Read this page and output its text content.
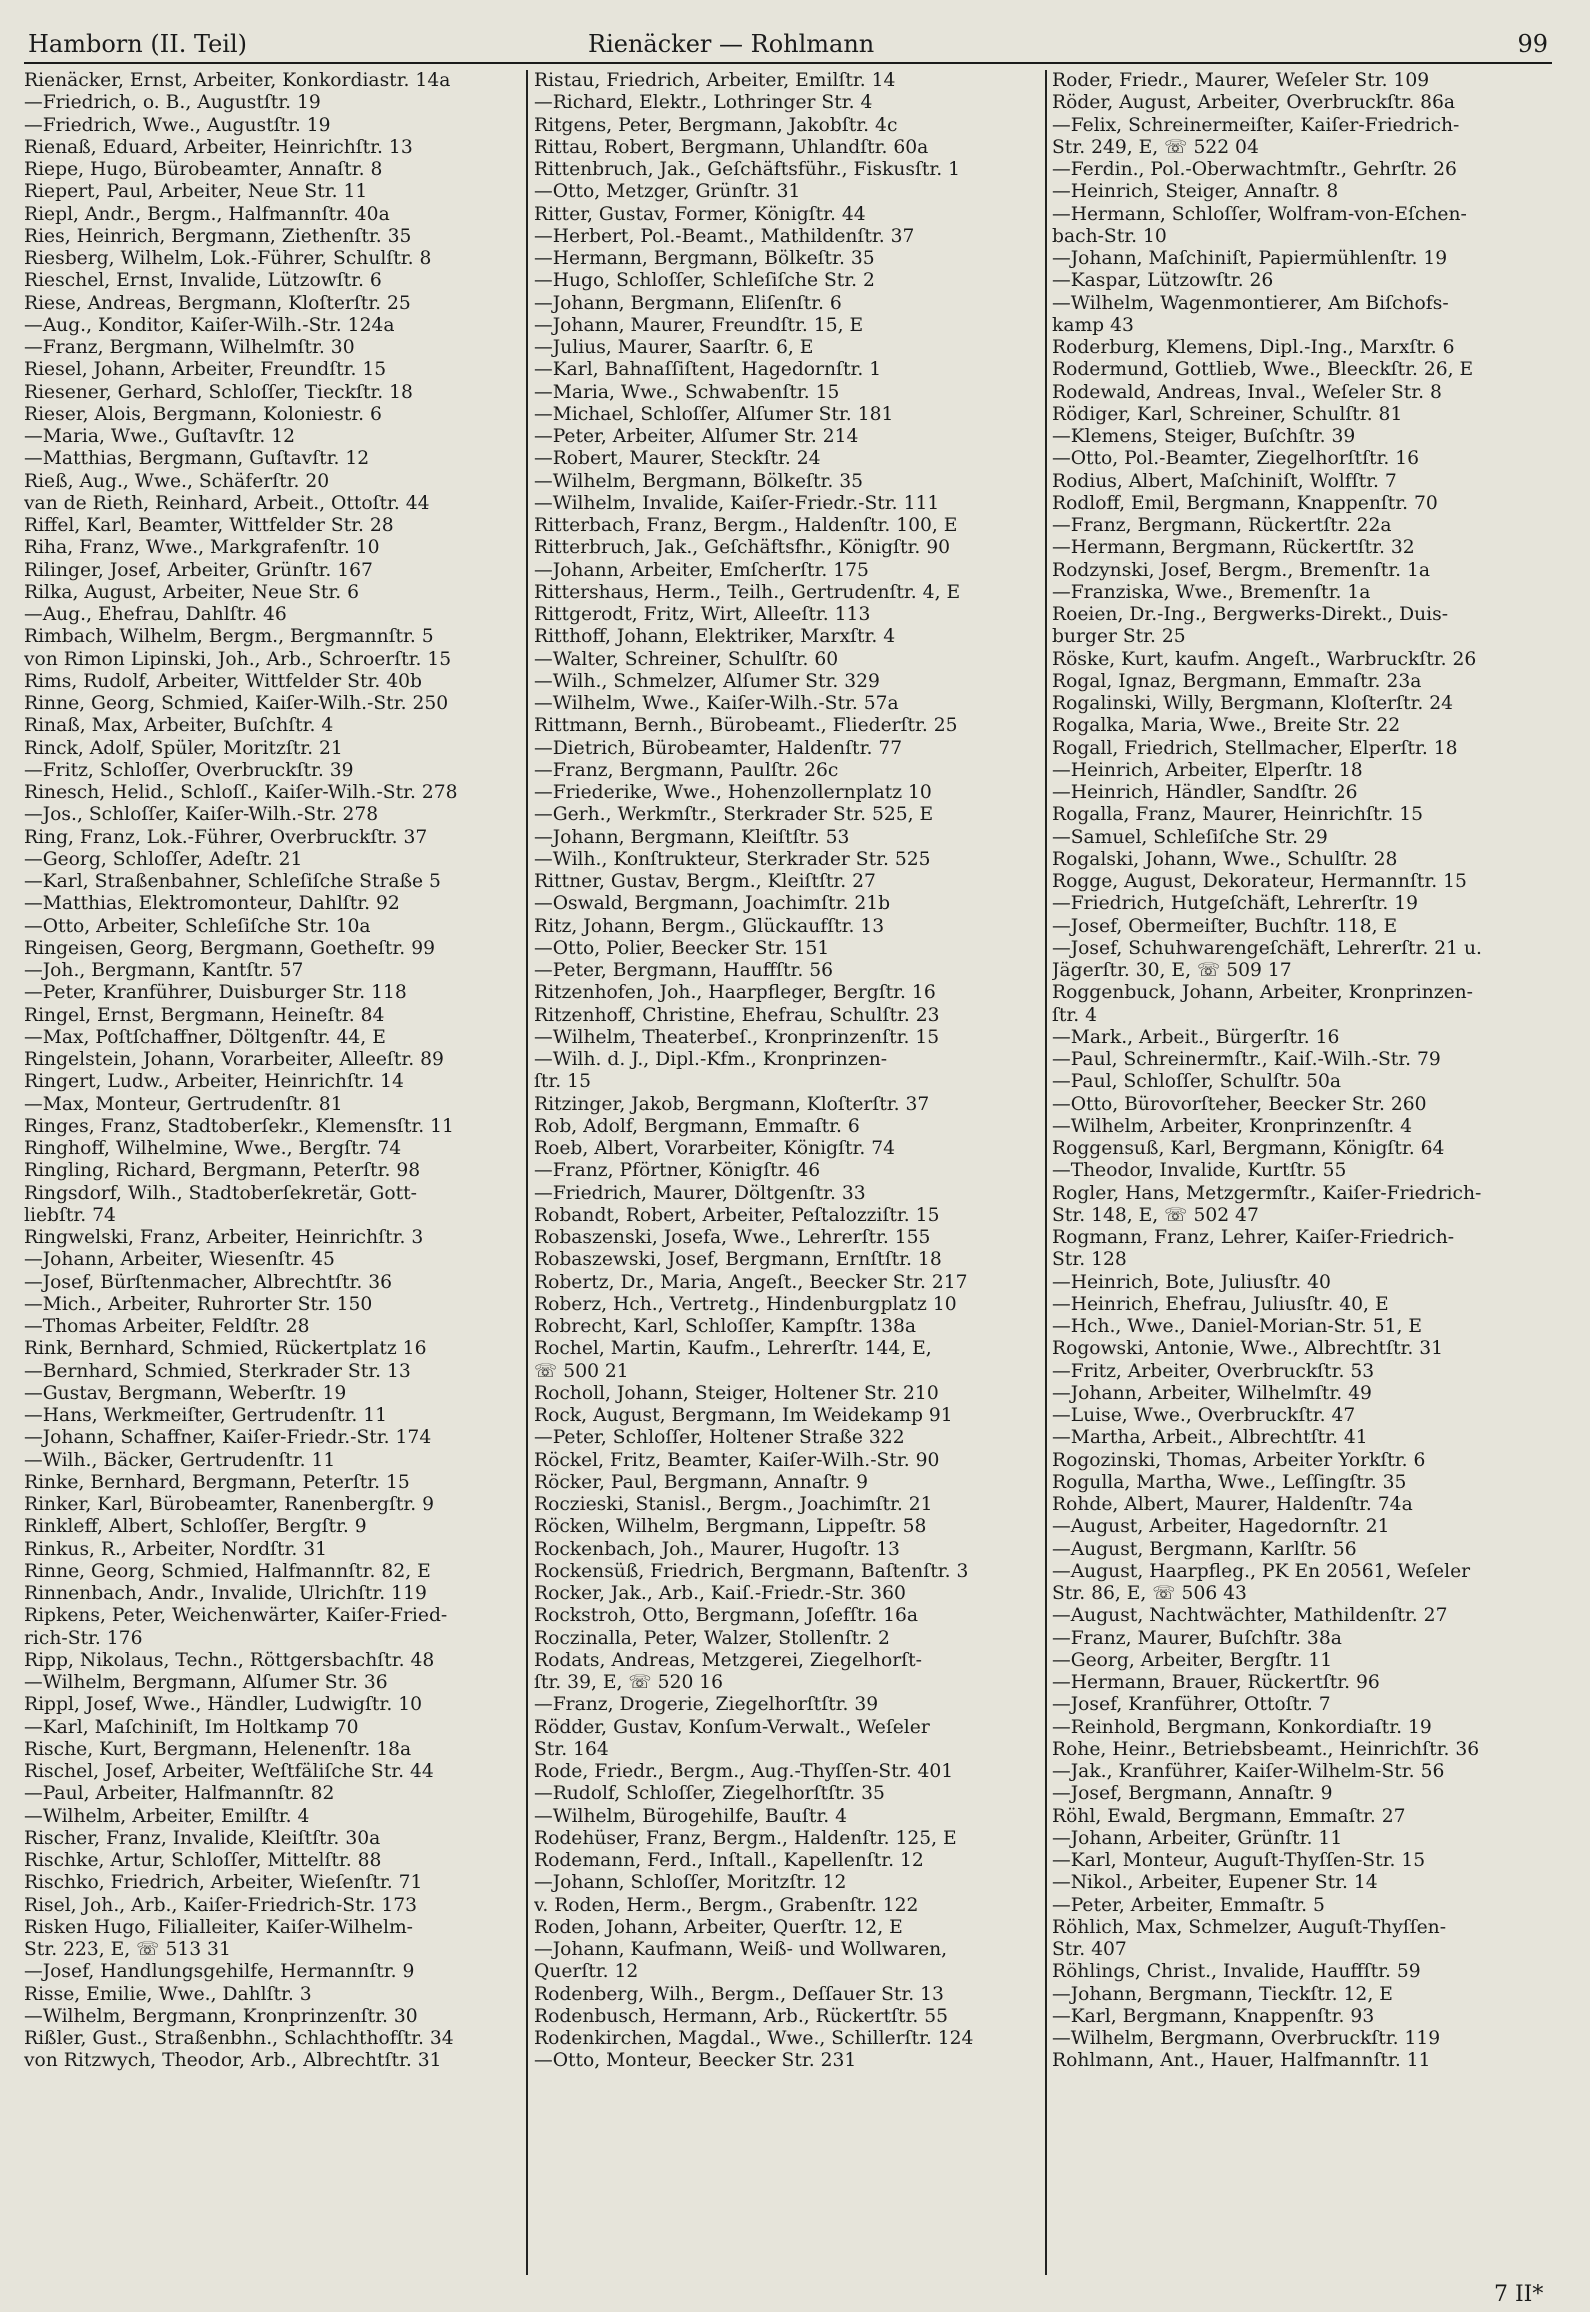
Hamborn (II. Teil)	Rienäcker — Rohlmann	99
Rienäcker, Ernst, Arbeiter, Konkordiastr. 14a
—Friedrich, o. B., Augustſtr. 19
—Friedrich, Wwe., Augustſtr. 19
Rienaß, Eduard, Arbeiter, Heinrichſtr. 13
Riepe, Hugo, Bürobeamter, Annaſtr. 8
Riepert, Paul, Arbeiter, Neue Str. 11
Riepl, Andr., Bergm., Halfmannſtr. 40a
Ries, Heinrich, Bergmann, Ziethenſtr. 35
Riesberg, Wilhelm, Lok.-Führer, Schulſtr. 8
Rieschel, Ernst, Invalide, Lützowſtr. 6
Riese, Andreas, Bergmann, Kloſterſtr. 25
—Aug., Konditor, Kaiſer-Wilh.-Str. 124a
—Franz, Bergmann, Wilhelmſtr. 30
Riesel, Johann, Arbeiter, Freundſtr. 15
Riesener, Gerhard, Schloſſer, Tieckſtr. 18
Rieser, Alois, Bergmann, Koloniestr. 6
—Maria, Wwe., Guſtavſtr. 12
—Matthias, Bergmann, Guſtavſtr. 12
Rieß, Aug., Wwe., Schäferſtr. 20
van de Rieth, Reinhard, Arbeit., Ottoſtr. 44
Riffel, Karl, Beamter, Wittfelder Str. 28
Riha, Franz, Wwe., Markgrafenſtr. 10
Rilinger, Josef, Arbeiter, Grünſtr. 167
Rilka, August, Arbeiter, Neue Str. 6
—Aug., Ehefrau, Dahlſtr. 46
Rimbach, Wilhelm, Bergm., Bergmannſtr. 5
von Rimon Lipinski, Joh., Arb., Schroerſtr. 15
Rims, Rudolf, Arbeiter, Wittfelder Str. 40b
Rinne, Georg, Schmied, Kaiſer-Wilh.-Str. 250
Rinaß, Max, Arbeiter, Buſchſtr. 4
Rinck, Adolf, Spüler, Moritzſtr. 21
—Fritz, Schloſſer, Overbruckſtr. 39
Rinesch, Helid., Schloſſ., Kaiſer-Wilh.-Str. 278
—Jos., Schloſſer, Kaiſer-Wilh.-Str. 278
Ring, Franz, Lok.-Führer, Overbruckſtr. 37
—Georg, Schloſſer, Adeſtr. 21
—Karl, Straßenbahner, Schleſiſche Straße 5
—Matthias, Elektromonteur, Dahlſtr. 92
—Otto, Arbeiter, Schleſiſche Str. 10a
Ringeisen, Georg, Bergmann, Goetheſtr. 99
—Joh., Bergmann, Kantſtr. 57
—Peter, Kranführer, Duisburger Str. 118
Ringel, Ernst, Bergmann, Heineſtr. 84
—Max, Poſtſchaffner, Döltgenſtr. 44, E
Ringelstein, Johann, Vorarbeiter, Alleeſtr. 89
Ringert, Ludw., Arbeiter, Heinrichſtr. 14
—Max, Monteur, Gertrudenſtr. 81
Ringes, Franz, Stadtoberſekr., Klemensſtr. 11
Ringhoff, Wilhelmine, Wwe., Bergſtr. 74
Ringling, Richard, Bergmann, Peterſtr. 98
Ringsdorf, Wilh., Stadtoberſekretär, Gott-
liebſtr. 74
Ringwelski, Franz, Arbeiter, Heinrichſtr. 3
—Johann, Arbeiter, Wiesenſtr. 45
—Josef, Bürſtenmacher, Albrechtſtr. 36
—Mich., Arbeiter, Ruhrorter Str. 150
—Thomas Arbeiter, Feldſtr. 28
Rink, Bernhard, Schmied, Rückertplatz 16
—Bernhard, Schmied, Sterkrader Str. 13
—Gustav, Bergmann, Weberſtr. 19
—Hans, Werkmeiſter, Gertrudenſtr. 11
—Johann, Schaffner, Kaiſer-Friedr.-Str. 174
—Wilh., Bäcker, Gertrudenſtr. 11
Rinke, Bernhard, Bergmann, Peterſtr. 15
Rinker, Karl, Bürobeamter, Ranenbergſtr. 9
Rinkleff, Albert, Schloſſer, Bergſtr. 9
Rinkus, R., Arbeiter, Nordſtr. 31
Rinne, Georg, Schmied, Halfmannſtr. 82, E
Rinnenbach, Andr., Invalide, Ulrichſtr. 119
Ripkens, Peter, Weichenwärter, Kaiſer-Fried-
rich-Str. 176
Ripp, Nikolaus, Techn., Röttgersbachſtr. 48
—Wilhelm, Bergmann, Alſumer Str. 36
Rippl, Josef, Wwe., Händler, Ludwigſtr. 10
—Karl, Maſchiniſt, Im Holtkamp 70
Rische, Kurt, Bergmann, Helenenſtr. 18a
Rischel, Josef, Arbeiter, Weſtfäliſche Str. 44
—Paul, Arbeiter, Halfmannſtr. 82
—Wilhelm, Arbeiter, Emilſtr. 4
Rischer, Franz, Invalide, Kleiſtſtr. 30a
Rischke, Artur, Schloſſer, Mittelſtr. 88
Rischko, Friedrich, Arbeiter, Wieſenſtr. 71
Risel, Joh., Arb., Kaiſer-Friedrich-Str. 173
Risken Hugo, Filialleiter, Kaiſer-Wilhelm-
Str. 223, E, ☏ 513 31
—Josef, Handlungsgehilfe, Hermannſtr. 9
Risse, Emilie, Wwe., Dahlſtr. 3
—Wilhelm, Bergmann, Kronprinzenſtr. 30
Rißler, Gust., Straßenbhn., Schlachthofſtr. 34
von Ritzwych, Theodor, Arb., Albrechtſtr. 31
Ristau, Friedrich, Arbeiter, Emilſtr. 14
—Richard, Elektr., Lothringer Str. 4
Ritgens, Peter, Bergmann, Jakobſtr. 4c
Rittau, Robert, Bergmann, Uhlandſtr. 60a
Rittenbruch, Jak., Geſchäftsführ., Fiskusſtr. 1
—Otto, Metzger, Grünſtr. 31
Ritter, Gustav, Former, Königſtr. 44
—Herbert, Pol.-Beamt., Mathildenſtr. 37
—Hermann, Bergmann, Bölkeſtr. 35
—Hugo, Schloſſer, Schleſiſche Str. 2
—Johann, Bergmann, Eliſenſtr. 6
—Johann, Maurer, Freundſtr. 15, E
—Julius, Maurer, Saarſtr. 6, E
—Karl, Bahnaſſiſtent, Hagedornſtr. 1
—Maria, Wwe., Schwabenſtr. 15
—Michael, Schloſſer, Alſumer Str. 181
—Peter, Arbeiter, Alſumer Str. 214
—Robert, Maurer, Steckſtr. 24
—Wilhelm, Bergmann, Bölkeſtr. 35
—Wilhelm, Invalide, Kaiſer-Friedr.-Str. 111
Ritterbach, Franz, Bergm., Haldenſtr. 100, E
Ritterbruch, Jak., Geſchäftsfhr., Königſtr. 90
—Johann, Arbeiter, Emſcherſtr. 175
Rittershaus, Herm., Teilh., Gertrudenſtr. 4, E
Rittgerodt, Fritz, Wirt, Alleeſtr. 113
Ritthoff, Johann, Elektriker, Marxſtr. 4
—Walter, Schreiner, Schulſtr. 60
—Wilh., Schmelzer, Alſumer Str. 329
—Wilhelm, Wwe., Kaiſer-Wilh.-Str. 57a
Rittmann, Bernh., Bürobeamt., Fliederſtr. 25
—Dietrich, Bürobeamter, Haldenſtr. 77
—Franz, Bergmann, Paulſtr. 26c
—Friederike, Wwe., Hohenzollernplatz 10
—Gerh., Werkmſtr., Sterkrader Str. 525, E
—Johann, Bergmann, Kleiſtſtr. 53
—Wilh., Konſtrukteur, Sterkrader Str. 525
Rittner, Gustav, Bergm., Kleiſtſtr. 27
—Oswald, Bergmann, Joachimſtr. 21b
Ritz, Johann, Bergm., Glückaufſtr. 13
—Otto, Polier, Beecker Str. 151
—Peter, Bergmann, Hauffſtr. 56
Ritzenhofen, Joh., Haarpfleger, Bergſtr. 16
Ritzenhoff, Christine, Ehefrau, Schulſtr. 23
—Wilhelm, Theaterbeſ., Kronprinzenſtr. 15
—Wilh. d. J., Dipl.-Kfm., Kronprinzen-
ſtr. 15
Ritzinger, Jakob, Bergmann, Kloſterſtr. 37
Rob, Adolf, Bergmann, Emmaſtr. 6
Roeb, Albert, Vorarbeiter, Königſtr. 74
—Franz, Pförtner, Königſtr. 46
—Friedrich, Maurer, Döltgenſtr. 33
Robandt, Robert, Arbeiter, Peſtalozziſtr. 15
Robaszenski, Josefa, Wwe., Lehrerſtr. 155
Robaszewski, Josef, Bergmann, Ernſtſtr. 18
Robertz, Dr., Maria, Angeſt., Beecker Str. 217
Roberz, Hch., Vertretg., Hindenburgplatz 10
Robrecht, Karl, Schloſſer, Kampſtr. 138a
Rochel, Martin, Kaufm., Lehrerſtr. 144, E,
☏ 500 21
Rocholl, Johann, Steiger, Holtener Str. 210
Rock, August, Bergmann, Im Weidekamp 91
—Peter, Schloſſer, Holtener Straße 322
Röckel, Fritz, Beamter, Kaiſer-Wilh.-Str. 90
Röcker, Paul, Bergmann, Annaſtr. 9
Roczieski, Stanisl., Bergm., Joachimſtr. 21
Röcken, Wilhelm, Bergmann, Lippeſtr. 58
Rockenbach, Joh., Maurer, Hugoſtr. 13
Rockensüß, Friedrich, Bergmann, Baſtenſtr. 3
Rocker, Jak., Arb., Kaiſ.-Friedr.-Str. 360
Rockstroh, Otto, Bergmann, Joſefſtr. 16a
Roczinalla, Peter, Walzer, Stollenſtr. 2
Rodats, Andreas, Metzgerei, Ziegelhorſt-
ſtr. 39, E, ☏ 520 16
—Franz, Drogerie, Ziegelhorſtſtr. 39
Rödder, Gustav, Konſum-Verwalt., Weſeler
Str. 164
Rode, Friedr., Bergm., Aug.-Thyſſen-Str. 401
—Rudolf, Schloſſer, Ziegelhorſtſtr. 35
—Wilhelm, Bürogehilfe, Bauſtr. 4
Rodehüser, Franz, Bergm., Haldenſtr. 125, E
Rodemann, Ferd., Inſtall., Kapellenſtr. 12
—Johann, Schloſſer, Moritzſtr. 12
v. Roden, Herm., Bergm., Grabenſtr. 122
Roden, Johann, Arbeiter, Querſtr. 12, E
—Johann, Kaufmann, Weiß- und Wollwaren,
Querſtr. 12
Rodenberg, Wilh., Bergm., Deſſauer Str. 13
Rodenbusch, Hermann, Arb., Rückertſtr. 55
Rodenkirchen, Magdal., Wwe., Schillerſtr. 124
—Otto, Monteur, Beecker Str. 231
Roder, Friedr., Maurer, Weſeler Str. 109
Röder, August, Arbeiter, Overbruckſtr. 86a
—Felix, Schreinermeiſter, Kaiſer-Friedrich-
Str. 249, E, ☏ 522 04
—Ferdin., Pol.-Oberwachtmſtr., Gehrſtr. 26
—Heinrich, Steiger, Annaſtr. 8
—Hermann, Schloſſer, Wolfram-von-Eſchen-
bach-Str. 10
—Johann, Maſchiniſt, Papiermühlenſtr. 19
—Kaspar, Lützowſtr. 26
—Wilhelm, Wagenmontierer, Am Biſchofs-
kamp 43
Roderburg, Klemens, Dipl.-Ing., Marxſtr. 6
Rodermund, Gottlieb, Wwe., Bleeckſtr. 26, E
Rodewald, Andreas, Inval., Weſeler Str. 8
Rödiger, Karl, Schreiner, Schulſtr. 81
—Klemens, Steiger, Buſchſtr. 39
—Otto, Pol.-Beamter, Ziegelhorſtſtr. 16
Rodius, Albert, Maſchiniſt, Wolfſtr. 7
Rodloff, Emil, Bergmann, Knappenſtr. 70
—Franz, Bergmann, Rückertſtr. 22a
—Hermann, Bergmann, Rückertſtr. 32
Rodzynski, Josef, Bergm., Bremenſtr. 1a
—Franziska, Wwe., Bremenſtr. 1a
Roeien, Dr.-Ing., Bergwerks-Direkt., Duis-
burger Str. 25
Röske, Kurt, kaufm. Angeſt., Warbruckſtr. 26
Rogal, Ignaz, Bergmann, Emmaſtr. 23a
Rogalinski, Willy, Bergmann, Kloſterſtr. 24
Rogalka, Maria, Wwe., Breite Str. 22
Rogall, Friedrich, Stellmacher, Elperſtr. 18
—Heinrich, Arbeiter, Elperſtr. 18
—Heinrich, Händler, Sandſtr. 26
Rogalla, Franz, Maurer, Heinrichſtr. 15
—Samuel, Schleſiſche Str. 29
Rogalski, Johann, Wwe., Schulſtr. 28
Rogge, August, Dekorateur, Hermannſtr. 15
—Friedrich, Hutgeſchäft, Lehrerſtr. 19
—Josef, Obermeiſter, Buchſtr. 118, E
—Josef, Schuhwarengeſchäft, Lehrerſtr. 21 u.
Jägerſtr. 30, E, ☏ 509 17
Roggenbuck, Johann, Arbeiter, Kronprinzen-
ſtr. 4
—Mark., Arbeit., Bürgerſtr. 16
—Paul, Schreinermſtr., Kaiſ.-Wilh.-Str. 79
—Paul, Schloſſer, Schulſtr. 50a
—Otto, Bürovorſteher, Beecker Str. 260
—Wilhelm, Arbeiter, Kronprinzenſtr. 4
Roggensuß, Karl, Bergmann, Königſtr. 64
—Theodor, Invalide, Kurtſtr. 55
Rogler, Hans, Metzgermſtr., Kaiſer-Friedrich-
Str. 148, E, ☏ 502 47
Rogmann, Franz, Lehrer, Kaiſer-Friedrich-
Str. 128
—Heinrich, Bote, Juliusſtr. 40
—Heinrich, Ehefrau, Juliusſtr. 40, E
—Hch., Wwe., Daniel-Morian-Str. 51, E
Rogowski, Antonie, Wwe., Albrechtſtr. 31
—Fritz, Arbeiter, Overbruckſtr. 53
—Johann, Arbeiter, Wilhelmſtr. 49
—Luise, Wwe., Overbruckſtr. 47
—Martha, Arbeit., Albrechtſtr. 41
Rogozinski, Thomas, Arbeiter Yorkſtr. 6
Rogulla, Martha, Wwe., Leſſingſtr. 35
Rohde, Albert, Maurer, Haldenſtr. 74a
—August, Arbeiter, Hagedornſtr. 21
—August, Bergmann, Karlſtr. 56
—August, Haarpfleg., PK En 20561, Weſeler
Str. 86, E, ☏ 506 43
—August, Nachtwächter, Mathildenſtr. 27
—Franz, Maurer, Buſchſtr. 38a
—Georg, Arbeiter, Bergſtr. 11
—Hermann, Brauer, Rückertſtr. 96
—Josef, Kranführer, Ottoſtr. 7
—Reinhold, Bergmann, Konkordiaſtr. 19
Rohe, Heinr., Betriebsbeamt., Heinrichſtr. 36
—Jak., Kranführer, Kaiſer-Wilhelm-Str. 56
—Josef, Bergmann, Annaſtr. 9
Röhl, Ewald, Bergmann, Emmaſtr. 27
—Johann, Arbeiter, Grünſtr. 11
—Karl, Monteur, Auguſt-Thyſſen-Str. 15
—Nikol., Arbeiter, Eupener Str. 14
—Peter, Arbeiter, Emmaſtr. 5
Röhlich, Max, Schmelzer, Auguſt-Thyſſen-
Str. 407
Röhlings, Christ., Invalide, Hauffſtr. 59
—Johann, Bergmann, Tieckſtr. 12, E
—Karl, Bergmann, Knappenſtr. 93
—Wilhelm, Bergmann, Overbruckſtr. 119
Rohlmann, Ant., Hauer, Halfmannſtr. 11
7 II*
